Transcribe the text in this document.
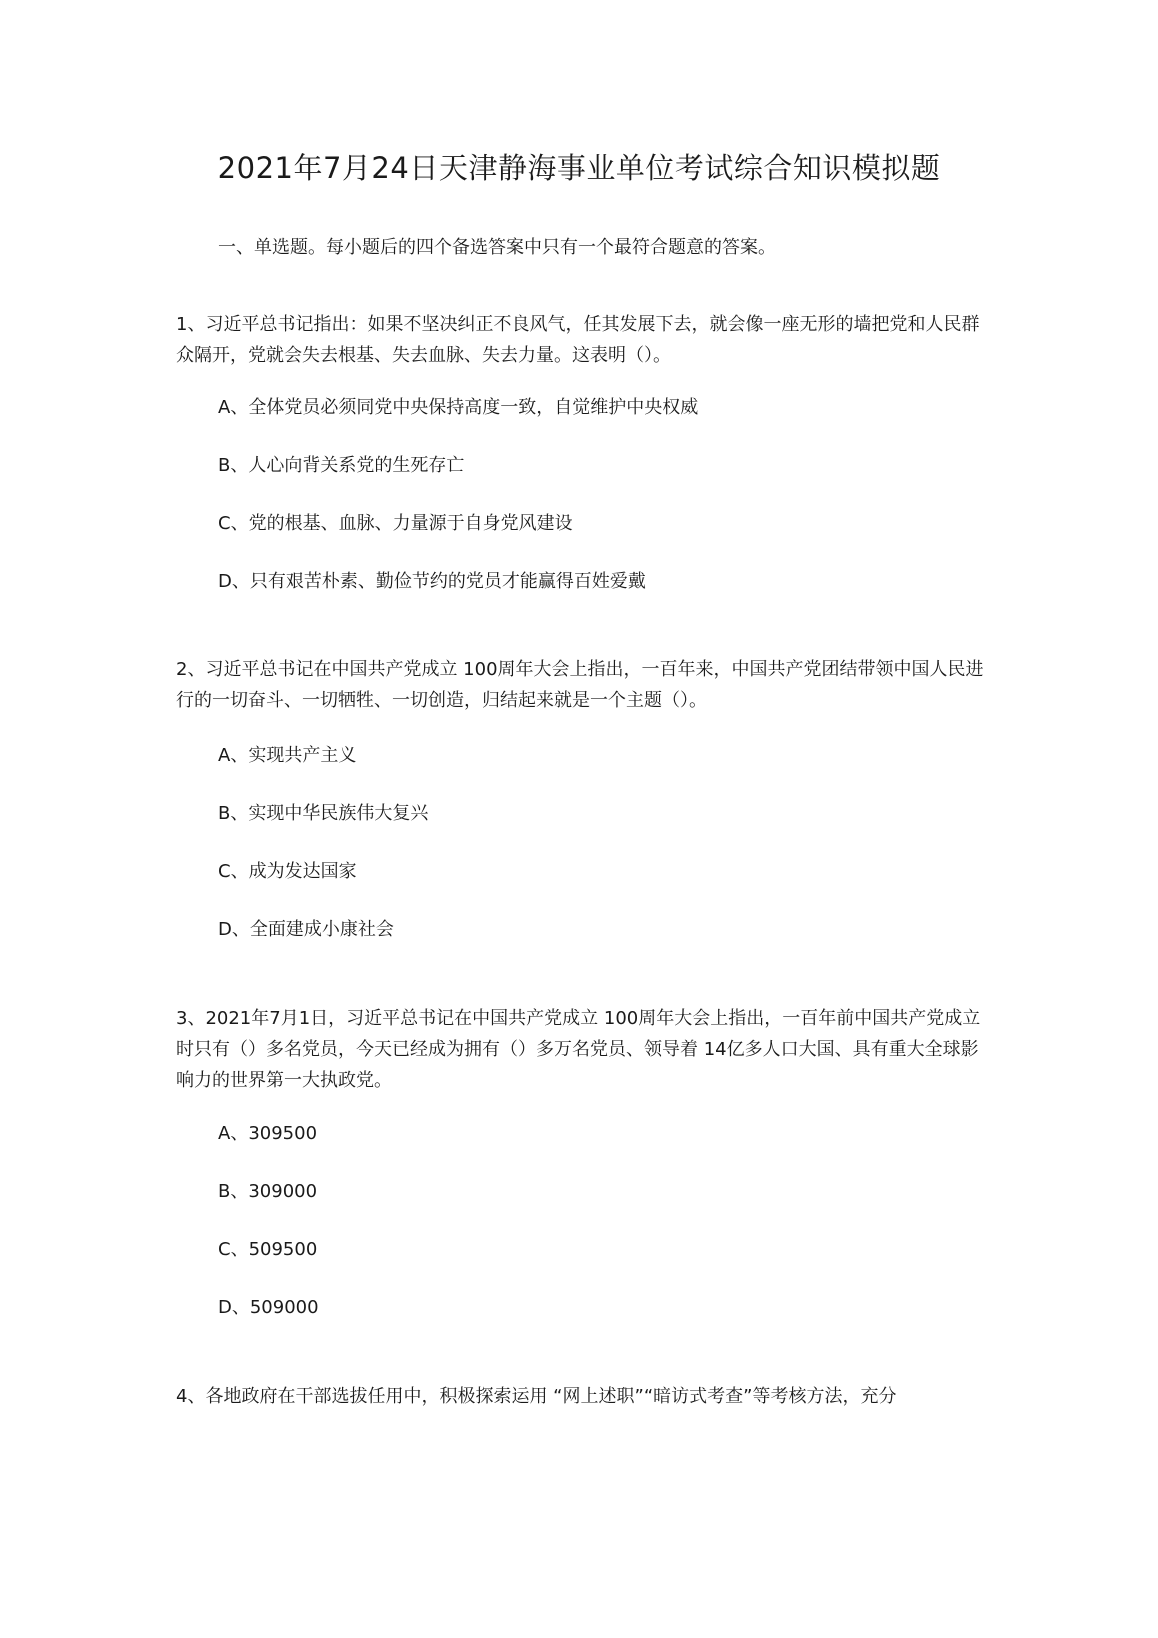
2021年7月24日天津静海事业单位考试综合知识模拟题

一、单选题。每小题后的四个备选答案中只有一个最符合题意的答案。

1、习近平总书记指出：如果不坚决纠正不良风气，任其发展下去，就会像一座无形的墙把党和人民群众隔开，党就会失去根基、失去血脉、失去力量。这表明（）。

A、全体党员必须同党中央保持高度一致，自觉维护中央权威

B、人心向背关系党的生死存亡

C、党的根基、血脉、力量源于自身党风建设

D、只有艰苦朴素、勤俭节约的党员才能赢得百姓爱戴

2、习近平总书记在中国共产党成立 100周年大会上指出，一百年来，中国共产党团结带领中国人民进行的一切奋斗、一切牺牲、一切创造，归结起来就是一个主题（）。

A、实现共产主义

B、实现中华民族伟大复兴

C、成为发达国家

D、全面建成小康社会

3、2021年7月1日，习近平总书记在中国共产党成立 100周年大会上指出，一百年前中国共产党成立时只有（）多名党员，今天已经成为拥有（）多万名党员、领导着 14亿多人口大国、具有重大全球影响力的世界第一大执政党。

A、309500

B、309000

C、509500

D、509000

4、各地政府在干部选拔任用中，积极探索运用 “网上述职”“暗访式考查”等考核方法，充分
